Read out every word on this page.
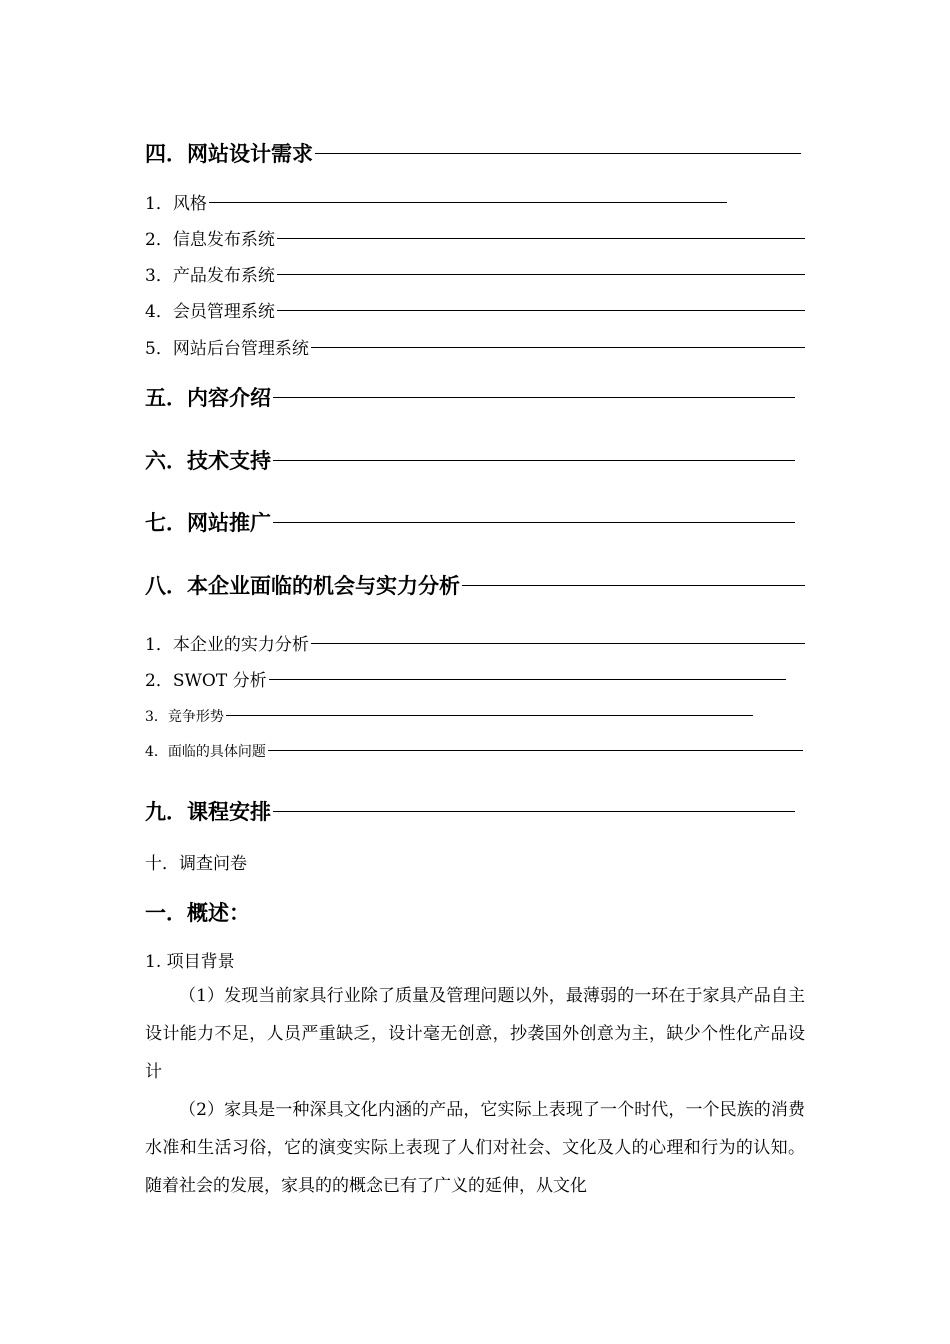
四．网站设计需求
1．风格
2．信息发布系统
3．产品发布系统
4．会员管理系统
5．网站后台管理系统
五．内容介绍
六．技术支持
七．网站推广
八．本企业面临的机会与实力分析
1．本企业的实力分析
2．SWOT 分析
3．竞争形势
4．面临的具体问题
九．课程安排
十．调查问卷
一．概述：
1. 项目背景

（1）发现当前家具行业除了质量及管理问题以外，最薄弱的一环在于家具产品自主设计能力不足，人员严重缺乏，设计毫无创意，抄袭国外创意为主，缺少个性化产品设计

（2）家具是一种深具文化内涵的产品，它实际上表现了一个时代，一个民族的消费水准和生活习俗，它的演变实际上表现了人们对社会、文化及人的心理和行为的认知。随着社会的发展，家具的的概念已有了广义的延伸，从文化
